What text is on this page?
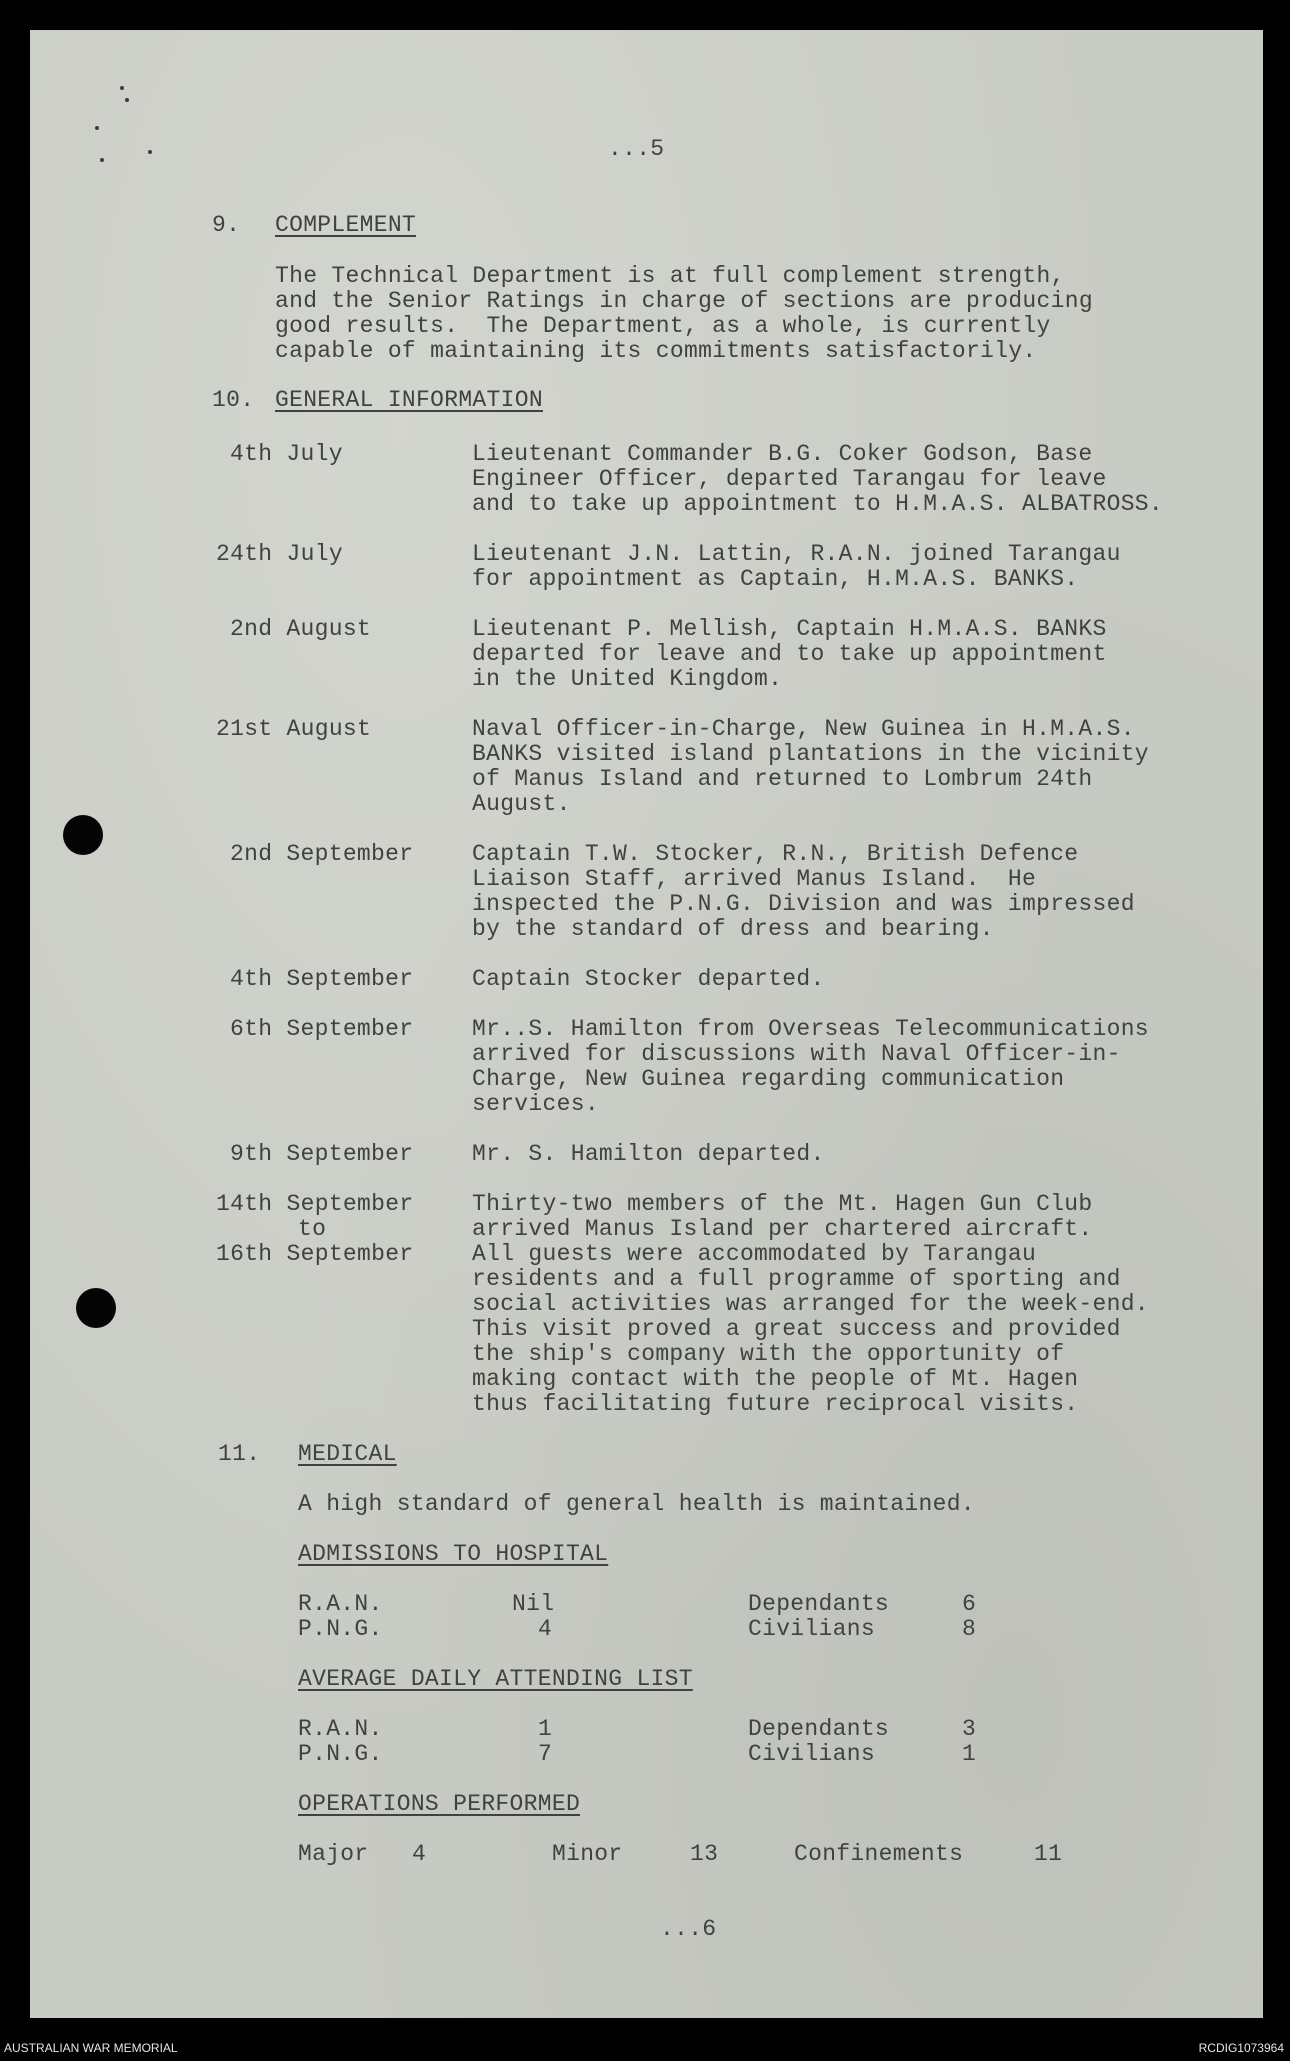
...5
9. COMPLEMENT
The Technical Department is at full complement strength,
and the Senior Ratings in charge of sections are producing
good results.  The Department, as a whole, is currently
capable of maintaining its commitments satisfactorily.
10. GENERAL INFORMATION
4th July	Lieutenant Commander B.G. Coker Godson, Base
Engineer Officer, departed Tarangau for leave
and to take up appointment to H.M.A.S. ALBATROSS.
24th July	Lieutenant J.N. Lattin, R.A.N. joined Tarangau
for appointment as Captain, H.M.A.S. BANKS.
2nd August	Lieutenant P. Mellish, Captain H.M.A.S. BANKS
departed for leave and to take up appointment
in the United Kingdom.
21st August	Naval Officer-in-Charge, New Guinea in H.M.A.S.
BANKS visited island plantations in the vicinity
of Manus Island and returned to Lombrum 24th
August.
2nd September	Captain T.W. Stocker, R.N., British Defence
Liaison Staff, arrived Manus Island.  He
inspected the P.N.G. Division and was impressed
by the standard of dress and bearing.
4th September	Captain Stocker departed.
6th September	Mr..S. Hamilton from Overseas Telecommunications
arrived for discussions with Naval Officer-in-
Charge, New Guinea regarding communication
services.
9th September	Mr. S. Hamilton departed.
14th September
to
16th September
Thirty-two members of the Mt. Hagen Gun Club
arrived Manus Island per chartered aircraft.
All guests were accommodated by Tarangau
residents and a full programme of sporting and
social activities was arranged for the week-end.
This visit proved a great success and provided
the ship's company with the opportunity of
making contact with the people of Mt. Hagen
thus facilitating future reciprocal visits.
11. MEDICAL
A high standard of general health is maintained.
ADMISSIONS TO HOSPITAL
R.A.N.	Nil	Dependants	6
P.N.G.	4	Civilians	8
AVERAGE DAILY ATTENDING LIST
R.A.N.	1	Dependants	3
P.N.G.	7	Civilians	1
OPERATIONS PERFORMED
Major 4	Minor	13	Confinements	11
...6
AUSTRALIAN WAR MEMORIAL	RCDIG1073964
